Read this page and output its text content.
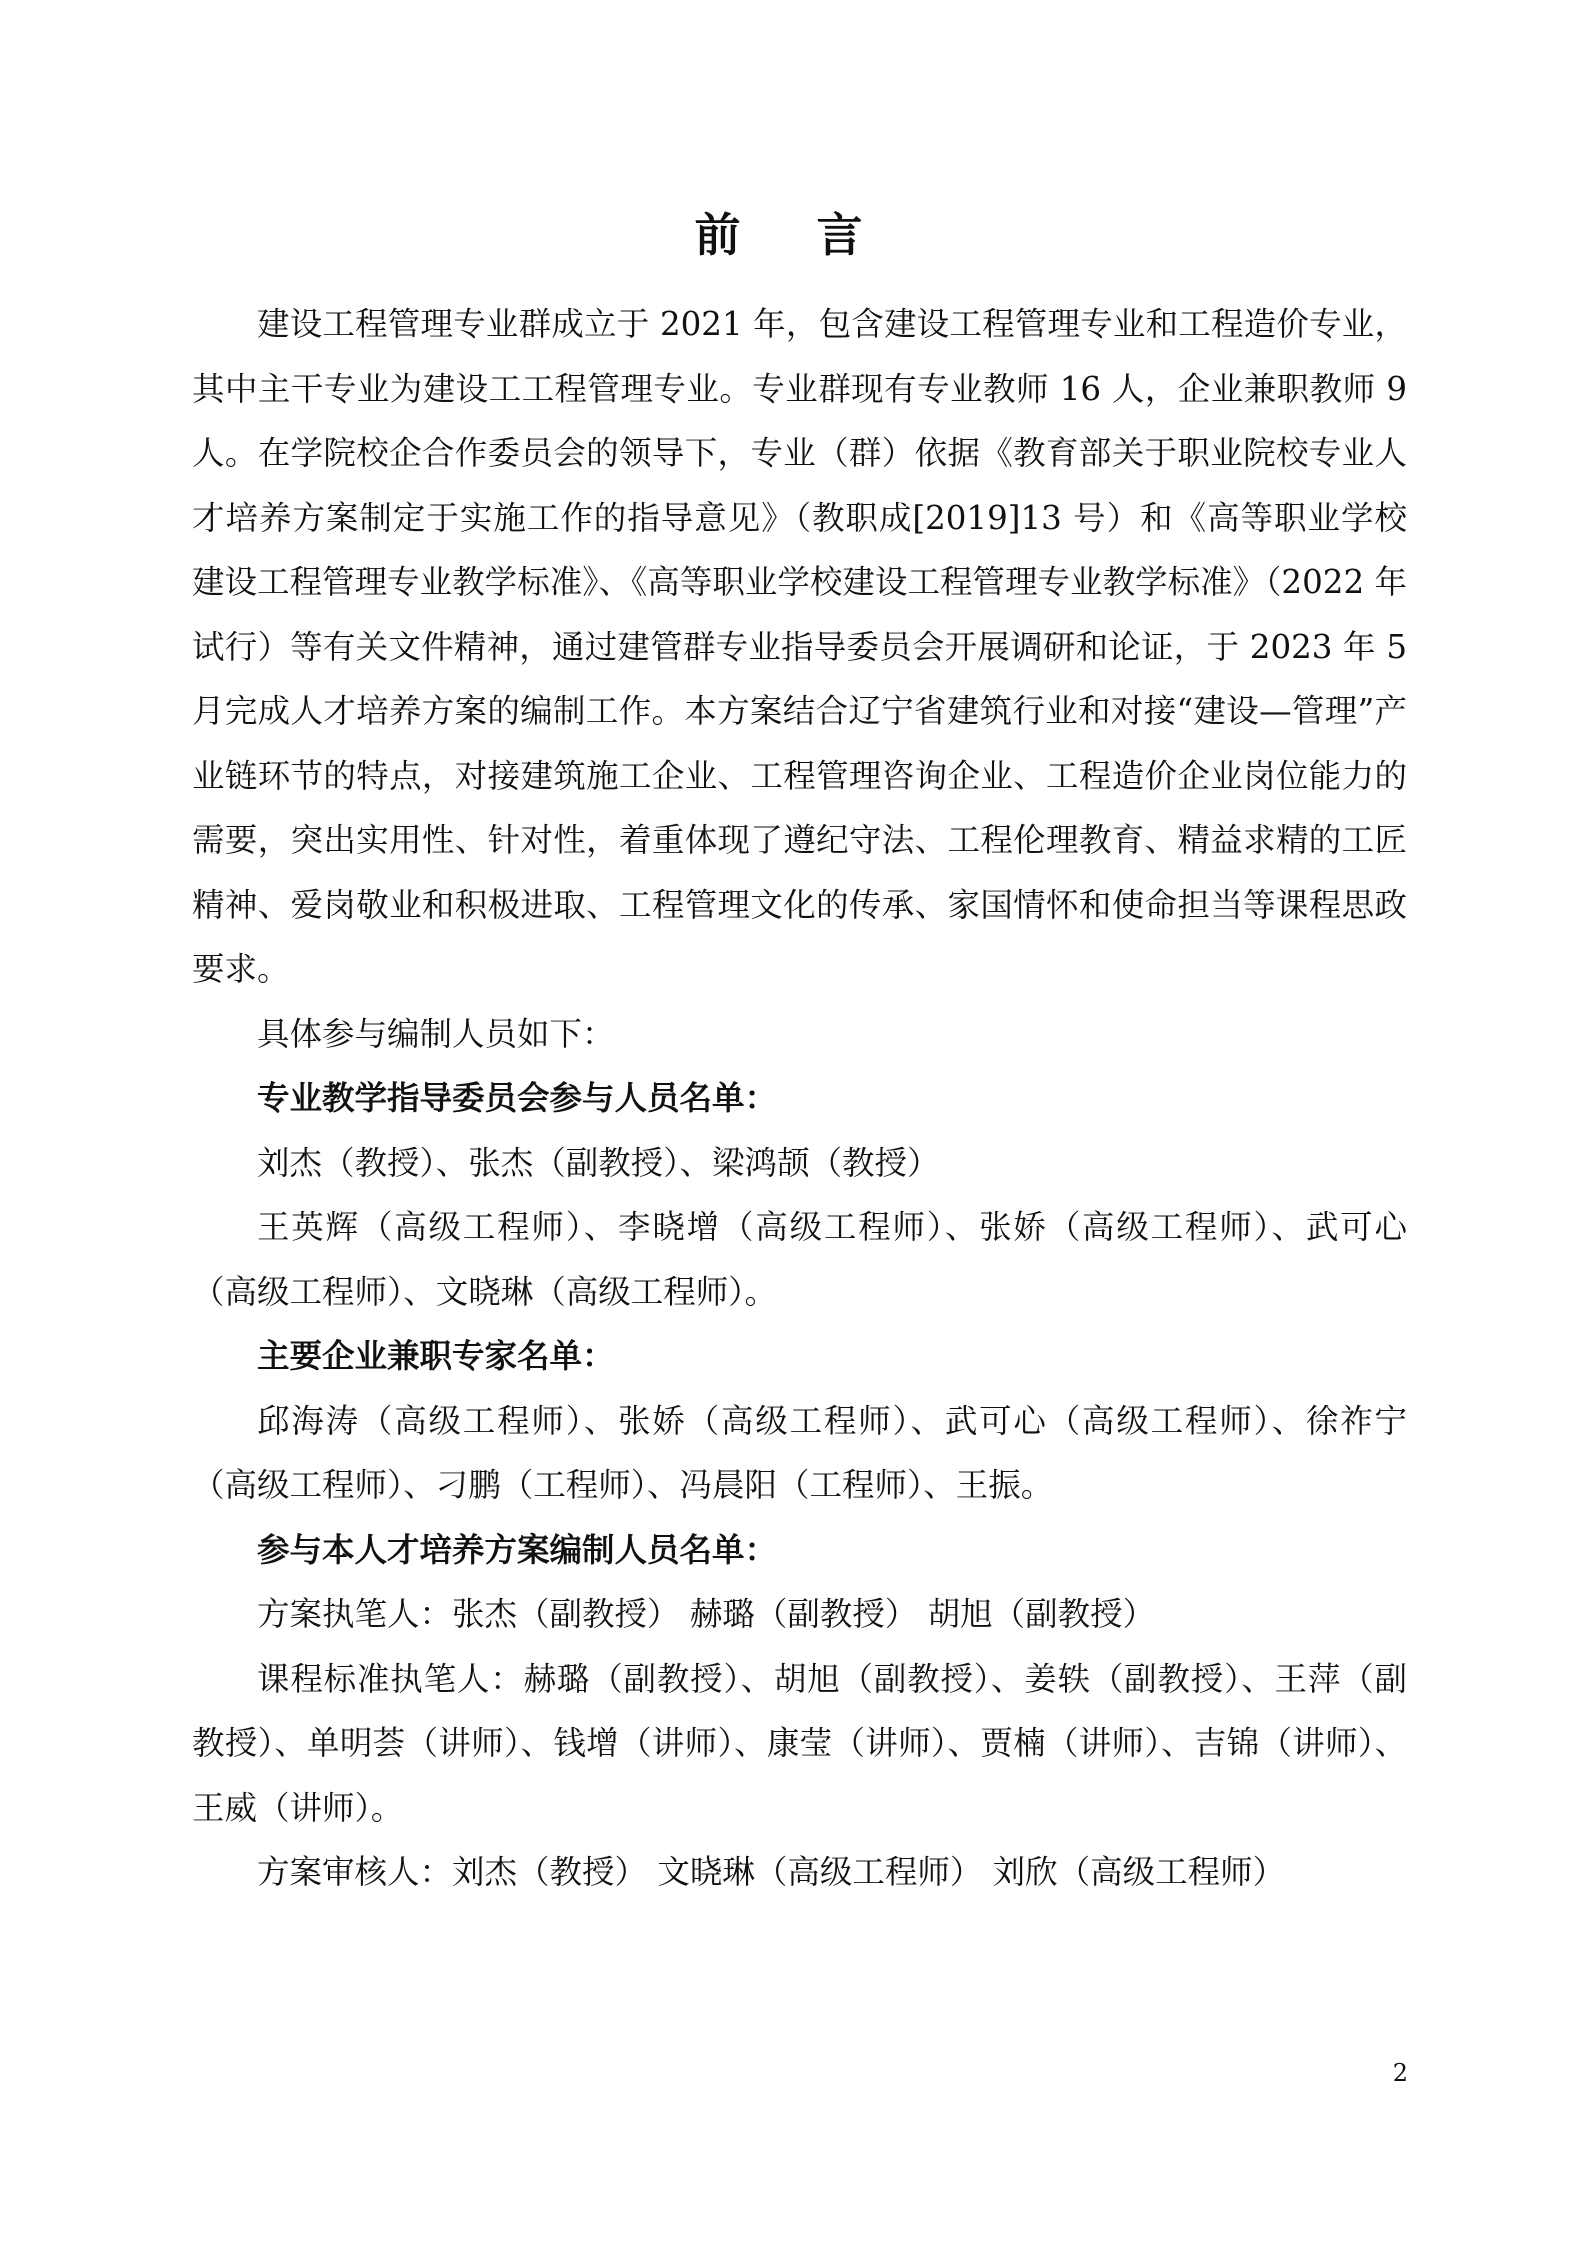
前 言

建设工程管理专业群成立于 2021 年，包含建设工程管理专业和工程造价专业，其中主干专业为建设工工程管理专业。专业群现有专业教师 16 人，企业兼职教师 9 人。在学院校企合作委员会的领导下，专业（群）依据《教育部关于职业院校专业人才培养方案制定于实施工作的指导意见》（教职成[2019]13 号）和《高等职业学校建设工程管理专业教学标准》、《高等职业学校建设工程管理专业教学标准》（2022 年试行）等有关文件精神，通过建管群专业指导委员会开展调研和论证，于 2023 年 5 月完成人才培养方案的编制工作。本方案结合辽宁省建筑行业和对接“建设—管理”产业链环节的特点，对接建筑施工企业、工程管理咨询企业、工程造价企业岗位能力的需要，突出实用性、针对性，着重体现了遵纪守法、工程伦理教育、精益求精的工匠精神、爱岗敬业和积极进取、工程管理文化的传承、家国情怀和使命担当等课程思政要求。

具体参与编制人员如下：

专业教学指导委员会参与人员名单：

刘杰（教授）、张杰（副教授）、梁鸿颉（教授）

王英辉（高级工程师）、李晓增（高级工程师）、张娇（高级工程师）、武可心（高级工程师）、文晓琳（高级工程师）。

主要企业兼职专家名单：

邱海涛（高级工程师）、张娇（高级工程师）、武可心（高级工程师）、徐祚宁（高级工程师）、刁鹏（工程师）、冯晨阳（工程师）、王振。

参与本人才培养方案编制人员名单：

方案执笔人：张杰（副教授） 赫璐（副教授） 胡旭（副教授）

课程标准执笔人：赫璐（副教授）、胡旭（副教授）、姜轶（副教授）、王萍（副教授）、单明荟（讲师）、钱增（讲师）、康莹（讲师）、贾楠（讲师）、吉锦（讲师）、王威（讲师）。

方案审核人：刘杰（教授） 文晓琳（高级工程师） 刘欣（高级工程师）

2
